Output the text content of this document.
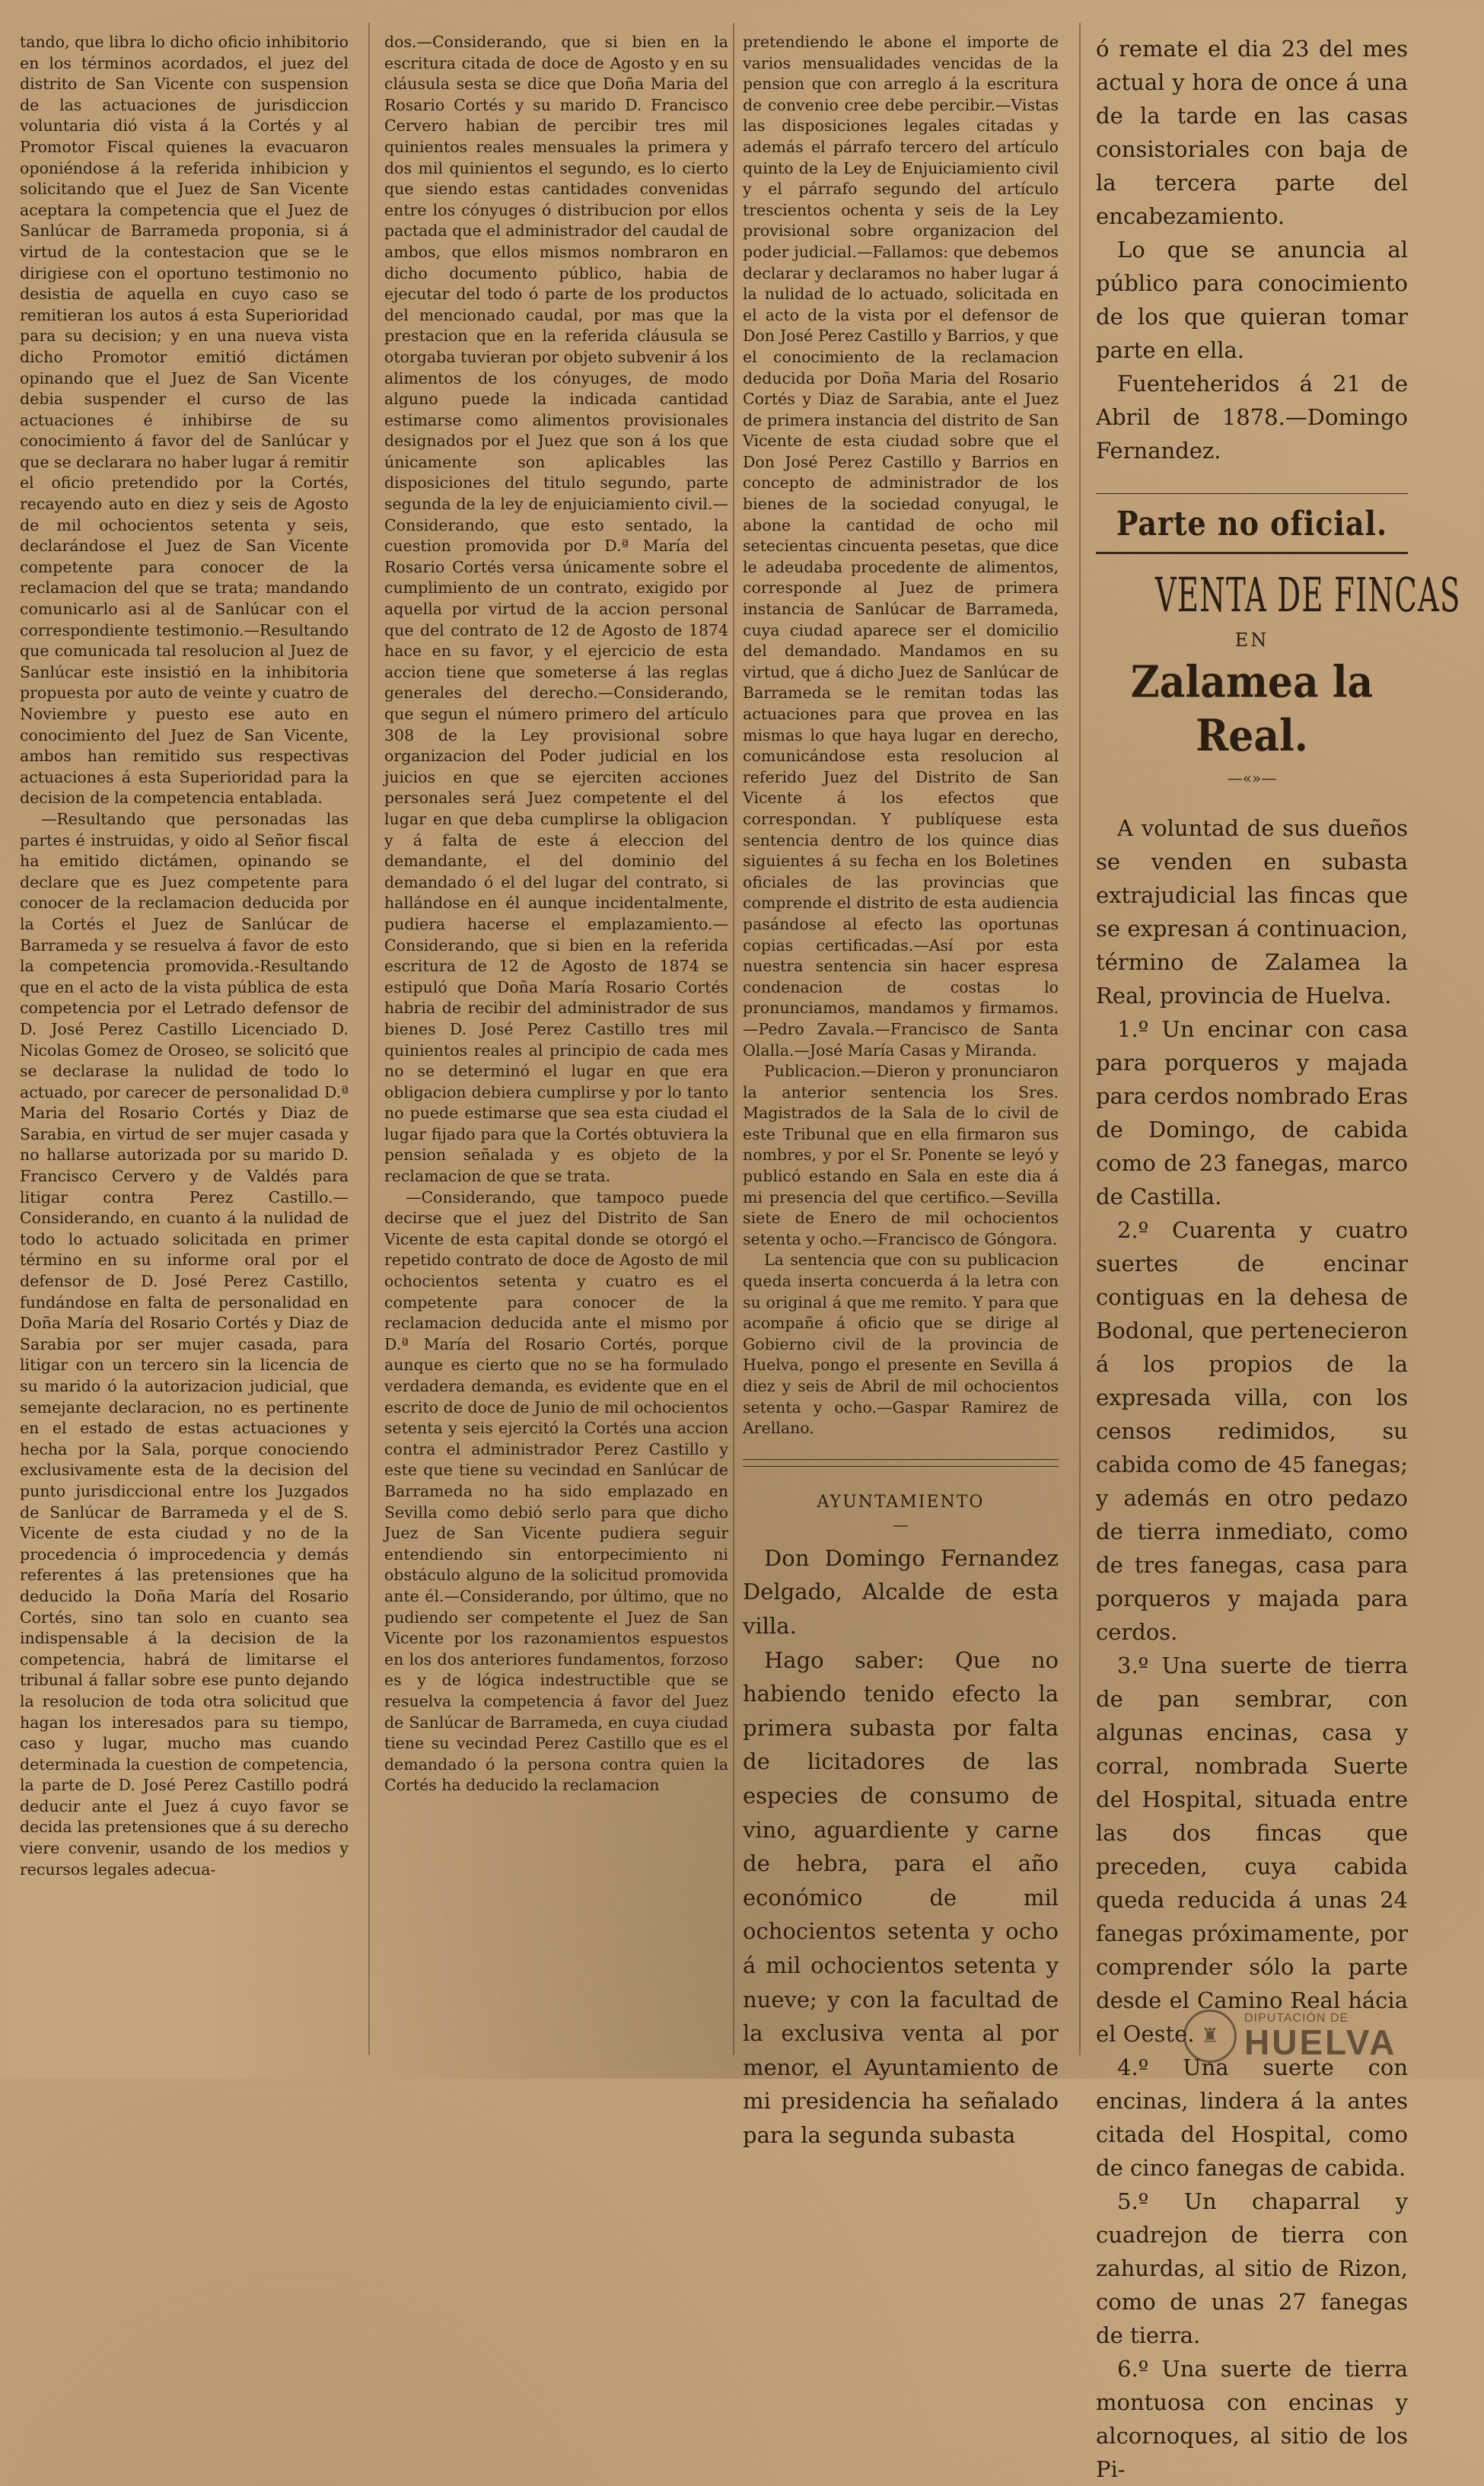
tando, que libra lo dicho oficio inhibitorio en los términos acordados, el juez del distrito de San Vicente con suspension de las actuaciones de jurisdiccion voluntaria dió vista á la Cortés y al Promotor Fiscal quienes la evacuaron oponiéndose á la referida inhibicion y solicitando que el Juez de San Vicente aceptara la competencia que el Juez de Sanlúcar de Barrameda proponia, si á virtud de la contestacion que se le dirigiese con el oportuno testimonio no desistia de aquella en cuyo caso se remitieran los autos á esta Superioridad para su decision; y en una nueva vista dicho Promotor emitió dictámen opinando que el Juez de San Vicente debia suspender el curso de las actuaciones é inhibirse de su conocimiento á favor del de Sanlúcar y que se declarara no haber lugar á remitir el oficio pretendido por la Cortés, recayendo auto en diez y seis de Agosto de mil ochocientos setenta y seis, declarándose el Juez de San Vicente competente para conocer de la reclamacion del que se trata; mandando comunicarlo asi al de Sanlúcar con el correspondiente testimonio.—Resultando que comunicada tal resolucion al Juez de Sanlúcar este insistió en la inhibitoria propuesta por auto de veinte y cuatro de Noviembre y puesto ese auto en conocimiento del Juez de San Vicente, ambos han remitido sus respectivas actuaciones á esta Superioridad para la decision de la competencia entablada.

—Resultando que personadas las partes é instruidas, y oido al Señor fiscal ha emitido dictámen, opinando se declare que es Juez competente para conocer de la reclamacion deducida por la Cortés el Juez de Sanlúcar de Barrameda y se resuelva á favor de esto la competencia promovida.-Resultando que en el acto de la vista pública de esta competencia por el Letrado defensor de D. José Perez Castillo Licenciado D. Nicolas Gomez de Oroseo, se solicitó que se declarase la nulidad de todo lo actuado, por carecer de personalidad D.ª Maria del Rosario Cortés y Diaz de Sarabia, en virtud de ser mujer casada y no hallarse autorizada por su marido D. Francisco Cervero y de Valdés para litigar contra Perez Castillo.—Considerando, en cuanto á la nulidad de todo lo actuado solicitada en primer término en su informe oral por el defensor de D. José Perez Castillo, fundándose en falta de personalidad en Doña María del Rosario Cortés y Diaz de Sarabia por ser mujer casada, para litigar con un tercero sin la licencia de su marido ó la autorizacion judicial, que semejante declaracion, no es pertinente en el estado de estas actuaciones y hecha por la Sala, porque conociendo exclusivamente esta de la decision del punto jurisdiccional entre los Juzgados de Sanlúcar de Barrameda y el de S. Vicente de esta ciudad y no de la procedencia ó improcedencia y demás referentes á las pretensiones que ha deducido la Doña María del Rosario Cortés, sino tan solo en cuanto sea indispensable á la decision de la competencia, habrá de limitarse el tribunal á fallar sobre ese punto dejando la resolucion de toda otra solicitud que hagan los interesados para su tiempo, caso y lugar, mucho mas cuando determinada la cuestion de competencia, la parte de D. José Perez Castillo podrá deducir ante el Juez á cuyo favor se decida las pretensiones que á su derecho viere convenir, usando de los medios y recursos legales adecua-

dos.—Considerando, que si bien en la escritura citada de doce de Agosto y en su cláusula sesta se dice que Doña Maria del Rosario Cortés y su marido D. Francisco Cervero habian de percibir tres mil quinientos reales mensuales la primera y dos mil quinientos el segundo, es lo cierto que siendo estas cantidades convenidas entre los cónyuges ó distribucion por ellos pactada que el administrador del caudal de ambos, que ellos mismos nombraron en dicho documento público, habia de ejecutar del todo ó parte de los productos del mencionado caudal, por mas que la prestacion que en la referida cláusula se otorgaba tuvieran por objeto subvenir á los alimentos de los cónyuges, de modo alguno puede la indicada cantidad estimarse como alimentos provisionales designados por el Juez que son á los que únicamente son aplicables las disposiciones del titulo segundo, parte segunda de la ley de enjuiciamiento civil.—Considerando, que esto sentado, la cuestion promovida por D.ª María del Rosario Cortés versa únicamente sobre el cumplimiento de un contrato, exigido por aquella por virtud de la accion personal que del contrato de 12 de Agosto de 1874 hace en su favor, y el ejercicio de esta accion tiene que someterse á las reglas generales del derecho.—Considerando, que segun el número primero del artículo 308 de la Ley provisional sobre organizacion del Poder judicial en los juicios en que se ejerciten acciones personales será Juez competente el del lugar en que deba cumplirse la obligacion y á falta de este á eleccion del demandante, el del dominio del demandado ó el del lugar del contrato, si hallándose en él aunque incidentalmente, pudiera hacerse el emplazamiento.—Considerando, que si bien en la referida escritura de 12 de Agosto de 1874 se estipuló que Doña María Rosario Cortés habria de recibir del administrador de sus bienes D. José Perez Castillo tres mil quinientos reales al principio de cada mes no se determinó el lugar en que era obligacion debiera cumplirse y por lo tanto no puede estimarse que sea esta ciudad el lugar fijado para que la Cortés obtuviera la pension señalada y es objeto de la reclamacion de que se trata.

—Considerando, que tampoco puede decirse que el juez del Distrito de San Vicente de esta capital donde se otorgó el repetido contrato de doce de Agosto de mil ochocientos setenta y cuatro es el competente para conocer de la reclamacion deducida ante el mismo por D.ª María del Rosario Cortés, porque aunque es cierto que no se ha formulado verdadera demanda, es evidente que en el escrito de doce de Junio de mil ochocientos setenta y seis ejercitó la Cortés una accion contra el administrador Perez Castillo y este que tiene su vecindad en Sanlúcar de Barrameda no ha sido emplazado en Sevilla como debió serlo para que dicho Juez de San Vicente pudiera seguir entendiendo sin entorpecimiento ni obstáculo alguno de la solicitud promovida ante él.—Considerando, por último, que no pudiendo ser competente el Juez de San Vicente por los razonamientos espuestos en los dos anteriores fundamentos, forzoso es y de lógica indestructible que se resuelva la competencia á favor del Juez de Sanlúcar de Barrameda, en cuya ciudad tiene su vecindad Perez Castillo que es el demandado ó la persona contra quien la Cortés ha deducido la reclamacion

pretendiendo le abone el importe de varios mensualidades vencidas de la pension que con arreglo á la escritura de convenio cree debe percibir.—Vistas las disposiciones legales citadas y además el párrafo tercero del artículo quinto de la Ley de Enjuiciamiento civil y el párrafo segundo del artículo trescientos ochenta y seis de la Ley provisional sobre organizacion del poder judicial.—Fallamos: que debemos declarar y declaramos no haber lugar á la nulidad de lo actuado, solicitada en el acto de la vista por el defensor de Don José Perez Castillo y Barrios, y que el conocimiento de la reclamacion deducida por Doña Maria del Rosario Cortés y Diaz de Sarabia, ante el Juez de primera instancia del distrito de San Vicente de esta ciudad sobre que el Don José Perez Castillo y Barrios en concepto de administrador de los bienes de la sociedad conyugal, le abone la cantidad de ocho mil setecientas cincuenta pesetas, que dice le adeudaba procedente de alimentos, corresponde al Juez de primera instancia de Sanlúcar de Barrameda, cuya ciudad aparece ser el domicilio del demandado. Mandamos en su virtud, que á dicho Juez de Sanlúcar de Barrameda se le remitan todas las actuaciones para que provea en las mismas lo que haya lugar en derecho, comunicándose esta resolucion al referido Juez del Distrito de San Vicente á los efectos que correspondan. Y publíquese esta sentencia dentro de los quince dias siguientes á su fecha en los Boletines oficiales de las provincias que comprende el distrito de esta audiencia pasándose al efecto las oportunas copias certificadas.—Así por esta nuestra sentencia sin hacer espresa condenacion de costas lo pronunciamos, mandamos y firmamos.—Pedro Zavala.—Francisco de Santa Olalla.—José María Casas y Miranda.

Publicacion.—Dieron y pronunciaron la anterior sentencia los Sres. Magistrados de la Sala de lo civil de este Tribunal que en ella firmaron sus nombres, y por el Sr. Ponente se leyó y publicó estando en Sala en este dia á mi presencia del que certifico.—Sevilla siete de Enero de mil ochocientos setenta y ocho.—Francisco de Góngora.

La sentencia que con su publicacion queda inserta concuerda á la letra con su original á que me remito. Y para que acompañe á oficio que se dirige al Gobierno civil de la provincia de Huelva, pongo el presente en Sevilla á diez y seis de Abril de mil ochocientos setenta y ocho.—Gaspar Ramirez de Arellano.

AYUNTAMIENTO
—

Don Domingo Fernandez Delgado, Alcalde de esta villa.

Hago saber: Que no habiendo tenido efecto la primera subasta por falta de licitadores de las especies de consumo de vino, aguardiente y carne de hebra, para el año económico de mil ochocientos setenta y ocho á mil ochocientos setenta y nueve; y con la facultad de la exclusiva venta al por menor, el Ayuntamiento de mi presidencia ha señalado para la segunda subasta

ó remate el dia 23 del mes actual y hora de once á una de la tarde en las casas consistoriales con baja de la tercera parte del encabezamiento.

Lo que se anuncia al público para conocimiento de los que quieran tomar parte en ella.

Fuenteheridos á 21 de Abril de 1878.—Domingo Fernandez.

Parte no oficial.
VENTA DE FINCAS
EN
Zalamea la Real.
—«»—

A voluntad de sus dueños se venden en subasta extrajudicial las fincas que se expresan á continuacion, término de Zalamea la Real, provincia de Huelva.

1.º Un encinar con casa para porqueros y majada para cerdos nombrado Eras de Domingo, de cabida como de 23 fanegas, marco de Castilla.

2.º Cuarenta y cuatro suertes de encinar contiguas en la dehesa de Bodonal, que pertenecieron á los propios de la expresada villa, con los censos redimidos, su cabida como de 45 fanegas; y además en otro pedazo de tierra inmediato, como de tres fanegas, casa para porqueros y majada para cerdos.

3.º Una suerte de tierra de pan sembrar, con algunas encinas, casa y corral, nombrada Suerte del Hospital, situada entre las dos fincas que preceden, cuya cabida queda reducida á unas 24 fanegas próximamente, por comprender sólo la parte desde el Camino Real hácia el Oeste.

4.º Una suerte con encinas, lindera á la antes citada del Hospital, como de cinco fanegas de cabida.

5.º Un chaparral y cuadrejon de tierra con zahurdas, al sitio de Rizon, como de unas 27 fanegas de tierra.

6.º Una suerte de tierra montuosa con encinas y alcornoques, al sitio de los Pi-

♜
DIPUTACIÓN DE
HUELVA
